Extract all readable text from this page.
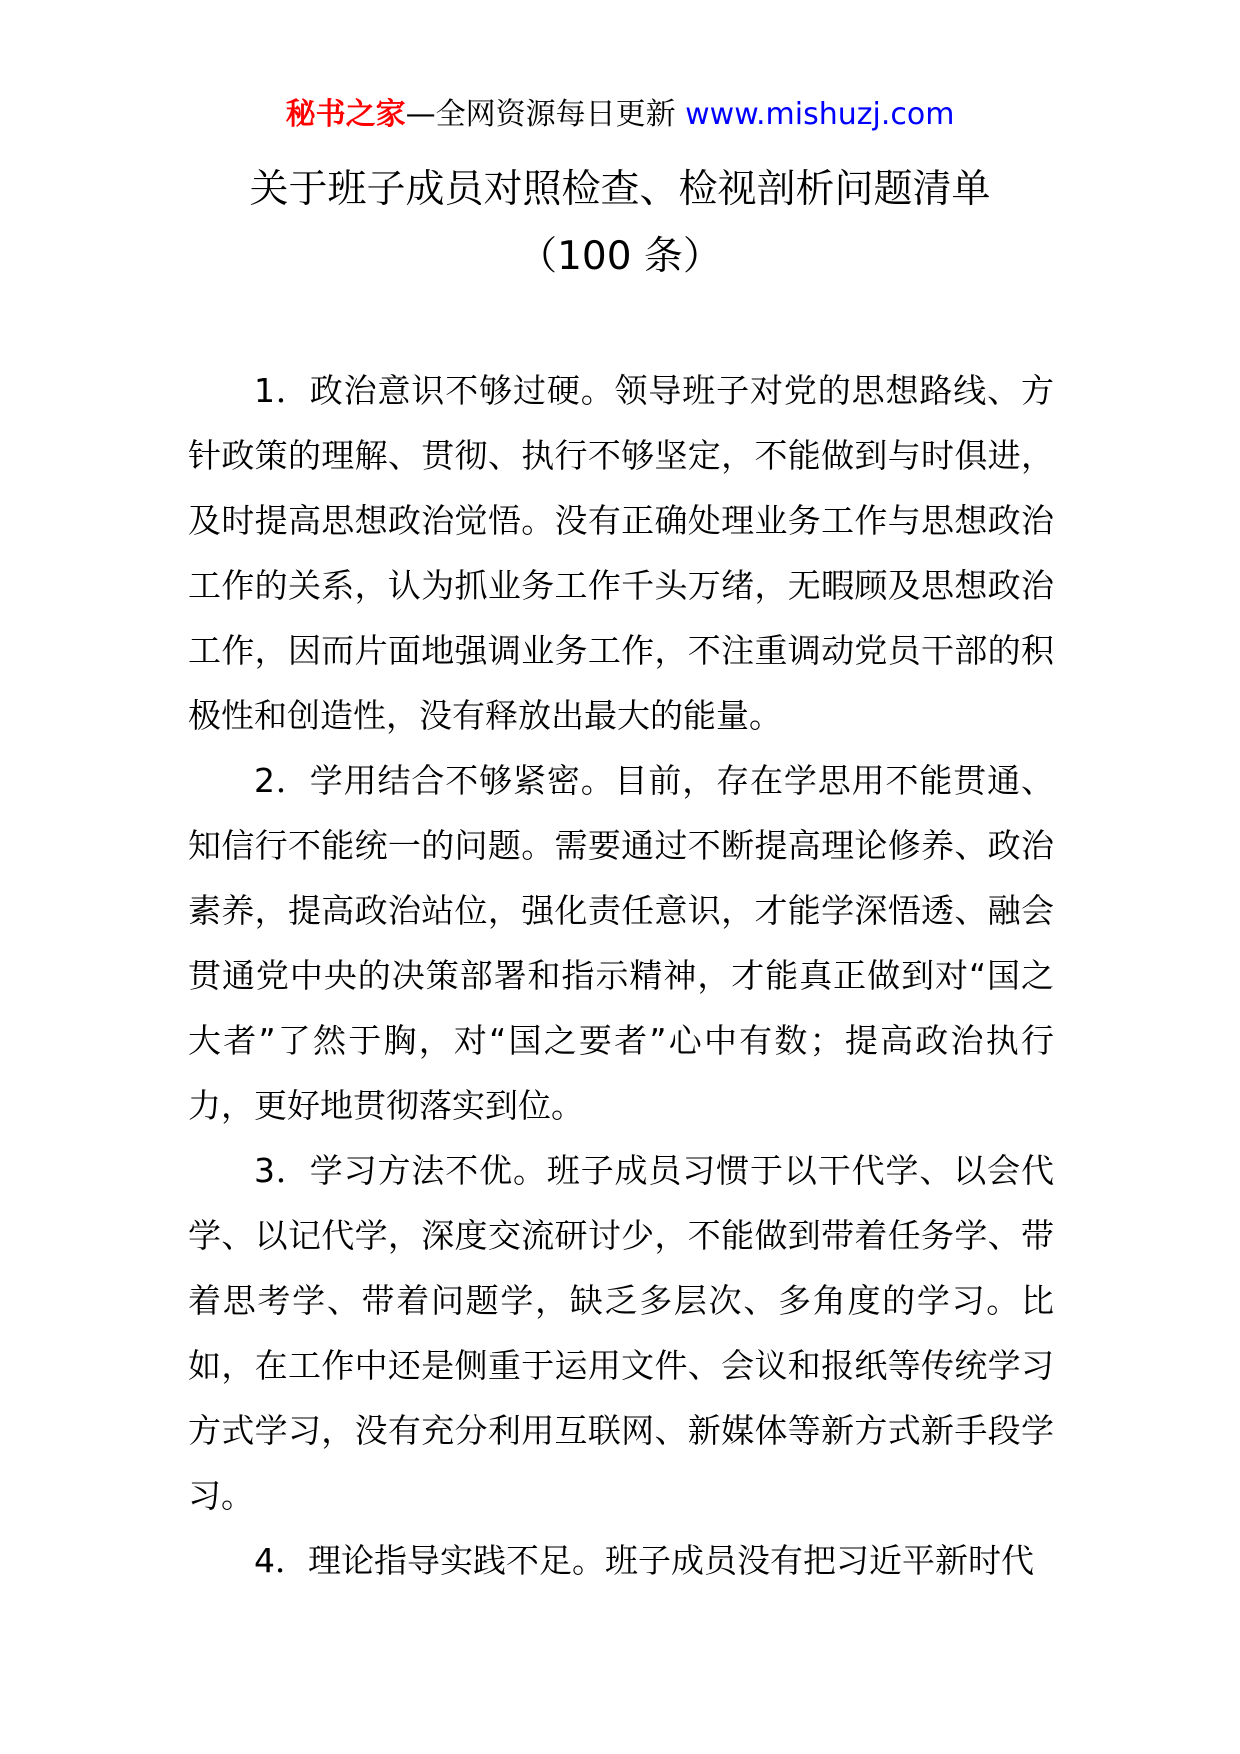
秘书之家—全网资源每日更新 www.mishuzj.com
关于班子成员对照检查、检视剖析问题清单
（100 条）

1．政治意识不够过硬。领导班子对党的思想路线、方针政策的理解、贯彻、执行不够坚定，不能做到与时俱进，及时提高思想政治觉悟。没有正确处理业务工作与思想政治工作的关系，认为抓业务工作千头万绪，无暇顾及思想政治工作，因而片面地强调业务工作，不注重调动党员干部的积极性和创造性，没有释放出最大的能量。

2．学用结合不够紧密。目前，存在学思用不能贯通、知信行不能统一的问题。需要通过不断提高理论修养、政治素养，提高政治站位，强化责任意识，才能学深悟透、融会贯通党中央的决策部署和指示精神，才能真正做到对“国之大者”了然于胸，对“国之要者”心中有数；提高政治执行力，更好地贯彻落实到位。

3．学习方法不优。班子成员习惯于以干代学、以会代学、以记代学，深度交流研讨少，不能做到带着任务学、带着思考学、带着问题学，缺乏多层次、多角度的学习。比如，在工作中还是侧重于运用文件、会议和报纸等传统学习方式学习，没有充分利用互联网、新媒体等新方式新手段学习。

4．理论指导实践不足。班子成员没有把习近平新时代
